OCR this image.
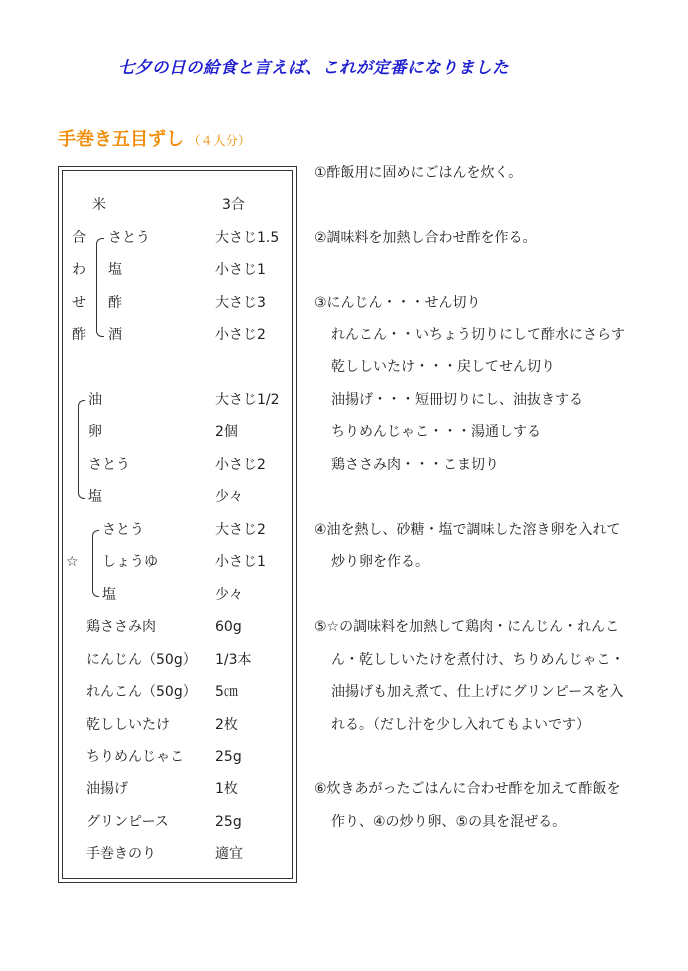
七夕の日の給食と言えば、これが定番になりました
手巻き五目ずし （４人分）
米	3合
合
わ
せ
酢
さとう	大さじ1.5
塩	小さじ1
酢	大さじ3
酒	小さじ2
油	大さじ1/2
卵	2個
さとう	小さじ2
塩	少々
☆
さとう	大さじ2
しょうゆ	小さじ1
塩	少々
鶏ささみ肉	60g
にんじん（50g） 1/3本
れんこん（50g） 5㎝
乾ししいたけ	2枚
ちりめんじゃこ 25g
油揚げ	1枚
グリンピース	25g
手巻きのり	適宜
①酢飯用に固めにごはんを炊く。
②調味料を加熱し合わせ酢を作る。
③にんじん・・・せん切り
れんこん・・いちょう切りにして酢水にさらす
乾ししいたけ・・・戻してせん切り
油揚げ・・・短冊切りにし、油抜きする
ちりめんじゃこ・・・湯通しする
鶏ささみ肉・・・こま切り
④油を熱し、砂糖・塩で調味した溶き卵を入れて
炒り卵を作る。
⑤☆の調味料を加熱して鶏肉・にんじん・れんこ
ん・乾ししいたけを煮付け、ちりめんじゃこ・
油揚げも加え煮て、仕上げにグリンピースを入
れる。（だし汁を少し入れてもよいです）
⑥炊きあがったごはんに合わせ酢を加えて酢飯を
作り、④の炒り卵、⑤の具を混ぜる。
